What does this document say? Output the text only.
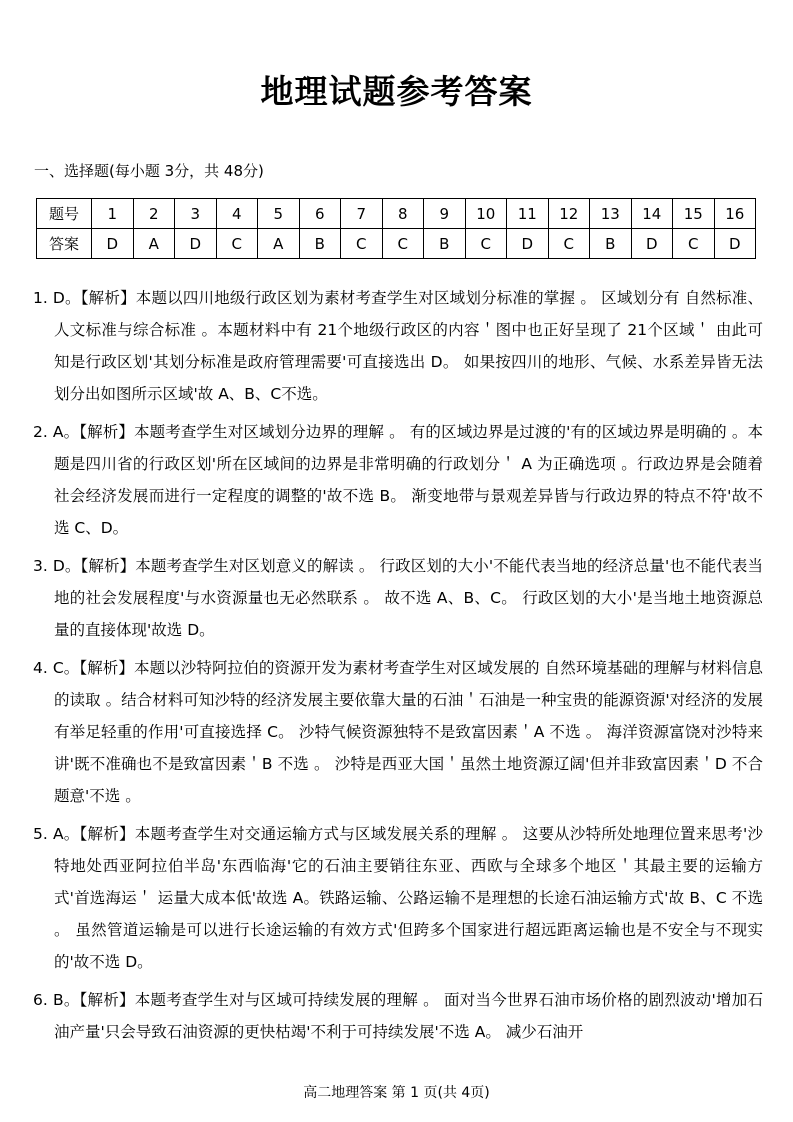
地理试题参考答案

一、选择题(每小题 3分，共 48分)

题号	1	2	3	4	5	6	7	8	9	10	11	12	13	14	15	16
答案	D	A	D	C	A	B	C	C	B	C	D	C	B	D	C	D

1. D。【解析】本题以四川地级行政区划为素材考查学生对区域划分标准的掌握 。 区域划分有 自然标准、人文标准与综合标准 。本题材料中有 21个地级行政区的内容＇图中也正好呈现了 21个区域＇ 由此可知是行政区划'其划分标准是政府管理需要'可直接选出 D。 如果按四川的地形、气候、水系差异皆无法划分出如图所示区域'故 A、B、C不选。

2. A。【解析】本题考查学生对区域划分边界的理解 。 有的区域边界是过渡的'有的区域边界是明确的 。本题是四川省的行政区划'所在区域间的边界是非常明确的行政划分＇ A 为正确选项 。行政边界是会随着社会经济发展而进行一定程度的调整的'故不选 B。 渐变地带与景观差异皆与行政边界的特点不符'故不选 C、D。

3. D。【解析】本题考查学生对区划意义的解读 。 行政区划的大小'不能代表当地的经济总量'也不能代表当地的社会发展程度'与水资源量也无必然联系 。 故不选 A、B、C。 行政区划的大小'是当地土地资源总量的直接体现'故选 D。

4. C。【解析】本题以沙特阿拉伯的资源开发为素材考查学生对区域发展的 自然环境基础的理解与材料信息的读取 。结合材料可知沙特的经济发展主要依靠大量的石油＇石油是一种宝贵的能源资源'对经济的发展有举足轻重的作用'可直接选择 C。 沙特气候资源独特不是致富因素＇A 不选 。 海洋资源富饶对沙特来讲'既不准确也不是致富因素＇B 不选 。 沙特是西亚大国＇虽然土地资源辽阔'但并非致富因素＇D 不合题意'不选 。

5. A。【解析】本题考查学生对交通运输方式与区域发展关系的理解 。 这要从沙特所处地理位置来思考'沙特地处西亚阿拉伯半岛'东西临海'它的石油主要销往东亚、西欧与全球多个地区＇其最主要的运输方式'首选海运＇ 运量大成本低'故选 A。铁路运输、公路运输不是理想的长途石油运输方式'故 B、C 不选 。 虽然管道运输是可以进行长途运输的有效方式'但跨多个国家进行超远距离运输也是不安全与不现实的'故不选 D。

6. B。【解析】本题考查学生对与区域可持续发展的理解 。 面对当今世界石油市场价格的剧烈波动'增加石油产量'只会导致石油资源的更快枯竭'不利于可持续发展'不选 A。 减少石油开

高二地理答案 第 1 页(共 4页)
